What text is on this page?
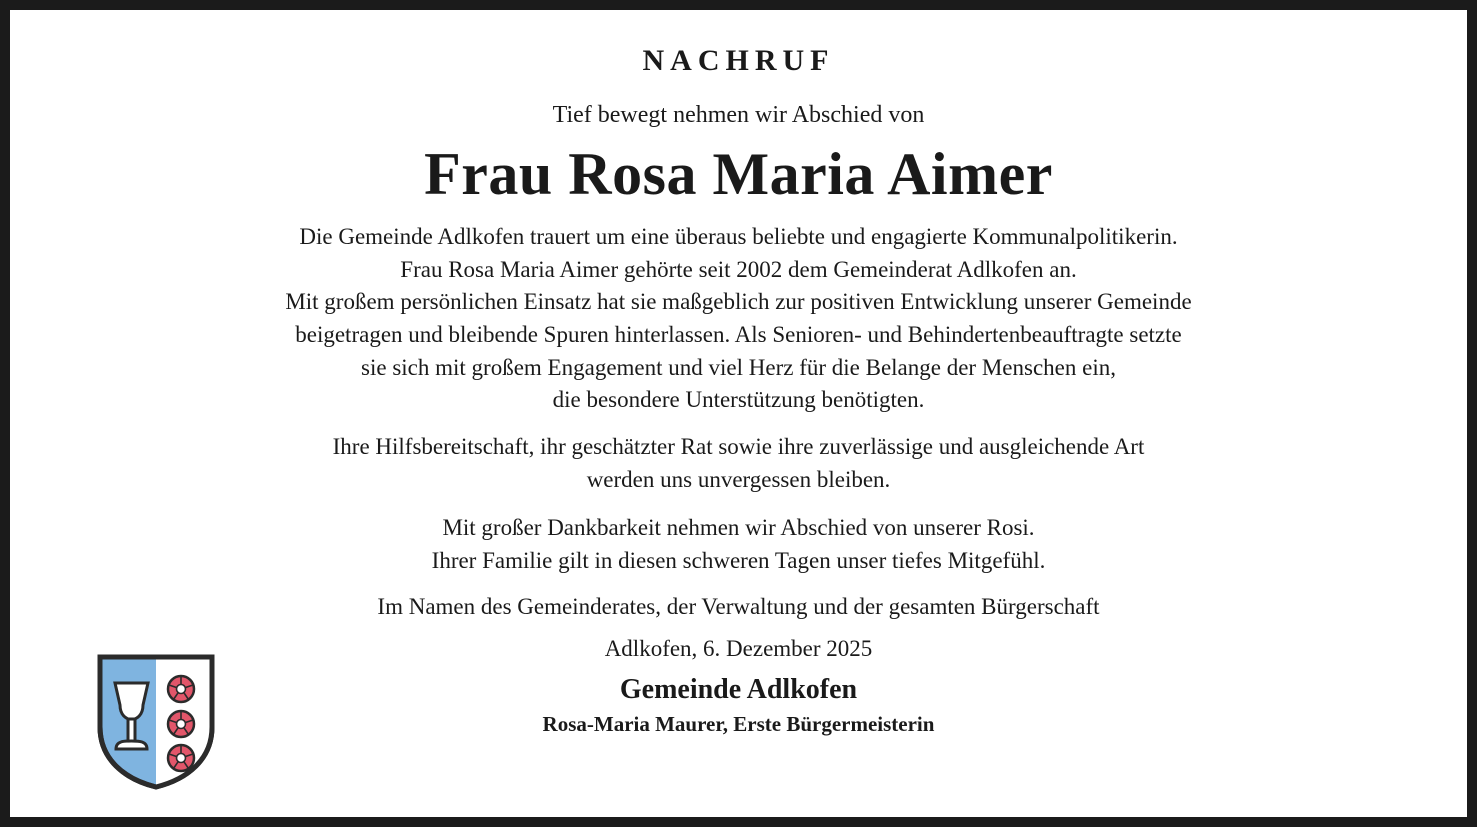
NACHRUF
Tief bewegt nehmen wir Abschied von
Frau Rosa Maria Aimer
Die Gemeinde Adlkofen trauert um eine überaus beliebte und engagierte Kommunalpolitikerin.
Frau Rosa Maria Aimer gehörte seit 2002 dem Gemeinderat Adlkofen an.
Mit großem persönlichen Einsatz hat sie maßgeblich zur positiven Entwicklung unserer Gemeinde
beigetragen und bleibende Spuren hinterlassen. Als Senioren- und Behindertenbeauftragte setzte
sie sich mit großem Engagement und viel Herz für die Belange der Menschen ein,
die besondere Unterstützung benötigten.
Ihre Hilfsbereitschaft, ihr geschätzter Rat sowie ihre zuverlässige und ausgleichende Art
werden uns unvergessen bleiben.
Mit großer Dankbarkeit nehmen wir Abschied von unserer Rosi.
Ihrer Familie gilt in diesen schweren Tagen unser tiefes Mitgefühl.
Im Namen des Gemeinderates, der Verwaltung und der gesamten Bürgerschaft
Adlkofen, 6. Dezember 2025
Gemeinde Adlkofen
Rosa-Maria Maurer, Erste Bürgermeisterin
